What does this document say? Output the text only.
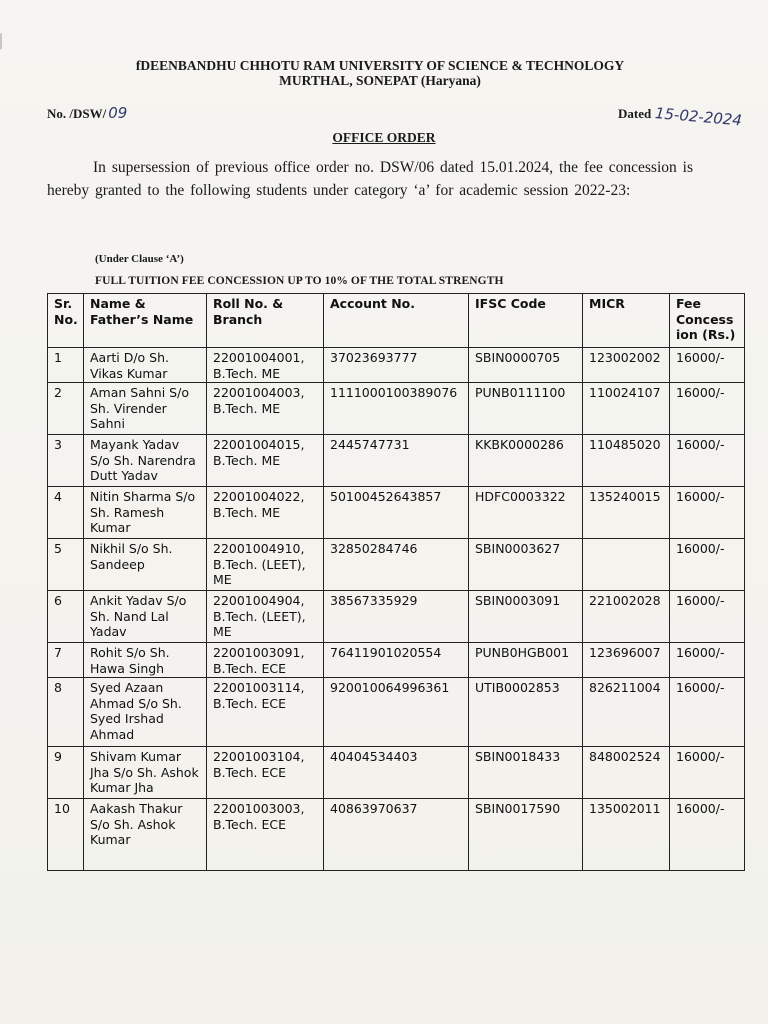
fDEENBANDHU CHHOTU RAM UNIVERSITY OF SCIENCE & TECHNOLOGY
MURTHAL, SONEPAT (Haryana)
No. /DSW/ 09	Dated 15-02-2024
OFFICE ORDER
In supersession of previous office order no. DSW/06 dated 15.01.2024, the fee concession is hereby granted to the following students under category ‘a’ for academic session 2022-23:
(Under Clause ‘A’)
FULL TUITION FEE CONCESSION UP TO 10% OF THE TOTAL STRENGTH
Sr. No.	Name & Father’s Name	Roll No. & Branch	Account No.	IFSC Code	MICR	Fee Concess ion (Rs.)
1	Aarti D/o Sh. Vikas Kumar	22001004001, B.Tech. ME	37023693777	SBIN0000705	123002002	16000/-
2	Aman Sahni S/o Sh. Virender Sahni	22001004003, B.Tech. ME	1111000100389076	PUNB0111100	110024107	16000/-
3	Mayank Yadav S/o Sh. Narendra Dutt Yadav	22001004015, B.Tech. ME	2445747731	KKBK0000286	110485020	16000/-
4	Nitin Sharma S/o Sh. Ramesh Kumar	22001004022, B.Tech. ME	50100452643857	HDFC0003322	135240015	16000/-
5	Nikhil S/o Sh. Sandeep	22001004910, B.Tech. (LEET), ME	32850284746	SBIN0003627		16000/-
6	Ankit Yadav S/o Sh. Nand Lal Yadav	22001004904, B.Tech. (LEET), ME	38567335929	SBIN0003091	221002028	16000/-
7	Rohit S/o Sh. Hawa Singh	22001003091, B.Tech. ECE	76411901020554	PUNB0HGB001	123696007	16000/-
8	Syed Azaan Ahmad S/o Sh. Syed Irshad Ahmad	22001003114, B.Tech. ECE	920010064996361	UTIB0002853	826211004	16000/-
9	Shivam Kumar Jha S/o Sh. Ashok Kumar Jha	22001003104, B.Tech. ECE	40404534403	SBIN0018433	848002524	16000/-
10	Aakash Thakur S/o Sh. Ashok Kumar	22001003003, B.Tech. ECE	40863970637	SBIN0017590	135002011	16000/-
